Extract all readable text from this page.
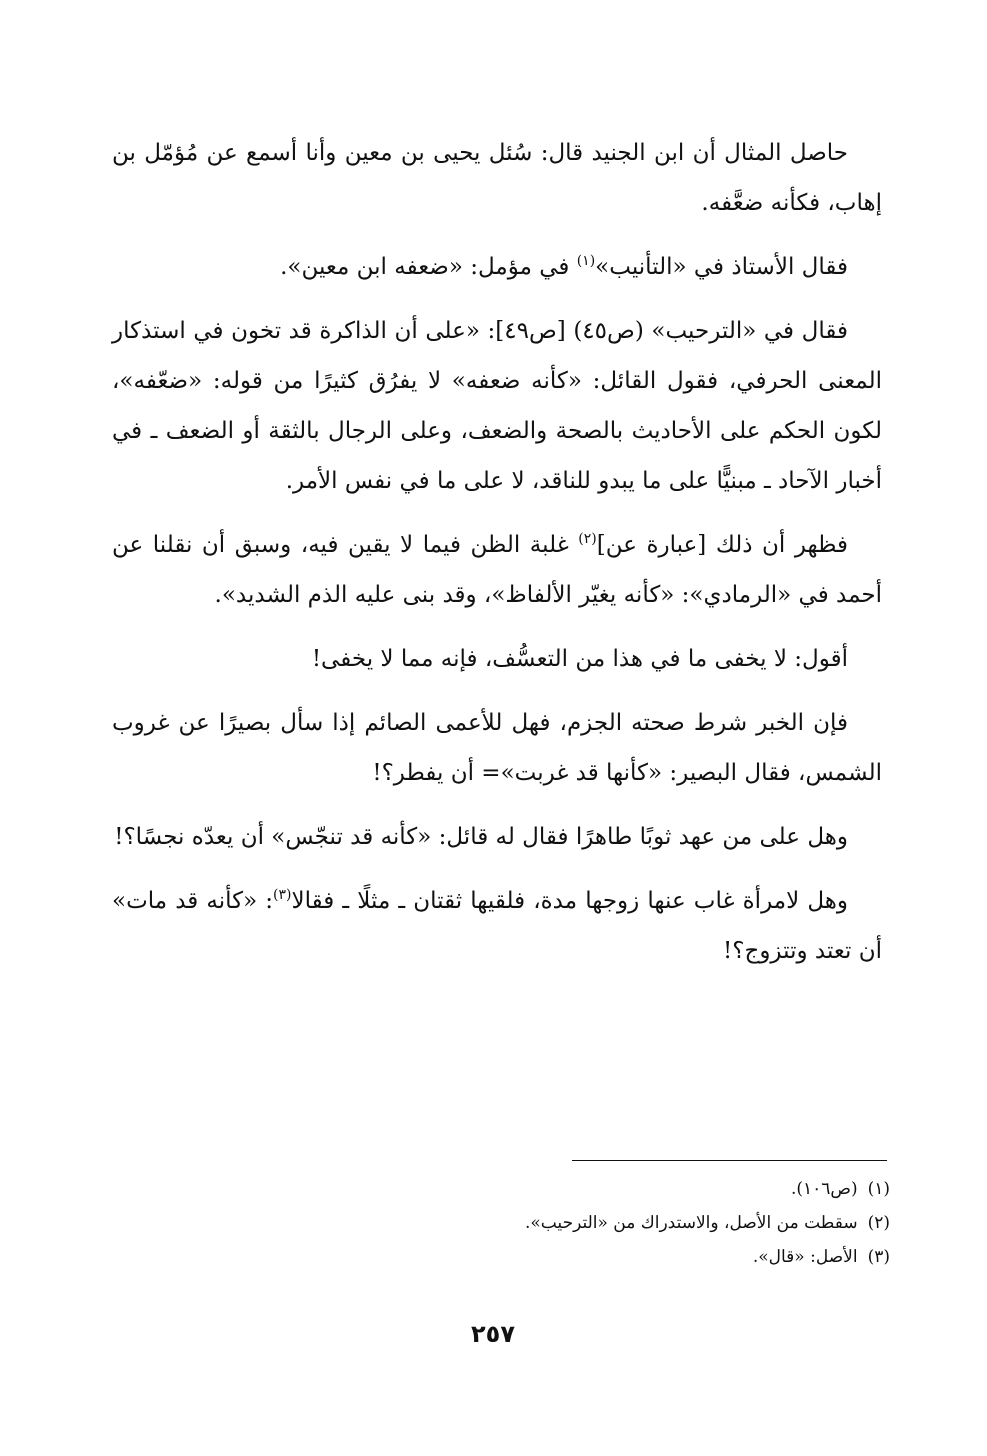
حاصل المثال أن ابن الجنيد قال: سُئل يحيى بن معين وأنا أسمع عن مُؤمّل بن إهاب، فكأنه ضعَّفه.

فقال الأستاذ في «التأنيب»$^{(١)}$ في مؤمل: «ضعفه ابن معين».

فقال في «الترحيب» (ص٤٥) [ص٤٩]: «على أن الذاكرة قد تخون في استذكار المعنى الحرفي، فقول القائل: «كأنه ضعفه» لا يفرُق كثيرًا من قوله: «ضعّفه»، لكون الحكم على الأحاديث بالصحة والضعف، وعلى الرجال بالثقة أو الضعف ـ في أخبار الآحاد ـ مبنيًّا على ما يبدو للناقد، لا على ما في نفس الأمر.

فظهر أن ذلك [عبارة عن]$^{(٢)}$ غلبة الظن فيما لا يقين فيه، وسبق أن نقلنا عن أحمد في «الرمادي»: «كأنه يغيّر الألفاظ»، وقد بنى عليه الذم الشديد».

أقول: لا يخفى ما في هذا من التعسُّف، فإنه مما لا يخفى!

فإن الخبر شرط صحته الجزم، فهل للأعمى الصائم إذا سأل بصيرًا عن غروب الشمس، فقال البصير: «كأنها قد غربت»= أن يفطر؟!

وهل على من عهد ثوبًا طاهرًا فقال له قائل: «كأنه قد تنجّس» أن يعدّه نجسًا؟!

وهل لامرأة غاب عنها زوجها مدة، فلقيها ثقتان ـ مثلًا ـ فقالا$^{(٣)}$: «كأنه قد مات» أن تعتد وتتزوج؟!

(١)(ص١٠٦).

(٢)سقطت من الأصل، والاستدراك من «الترحيب».

(٣)الأصل: «قال».

٢٥٧
